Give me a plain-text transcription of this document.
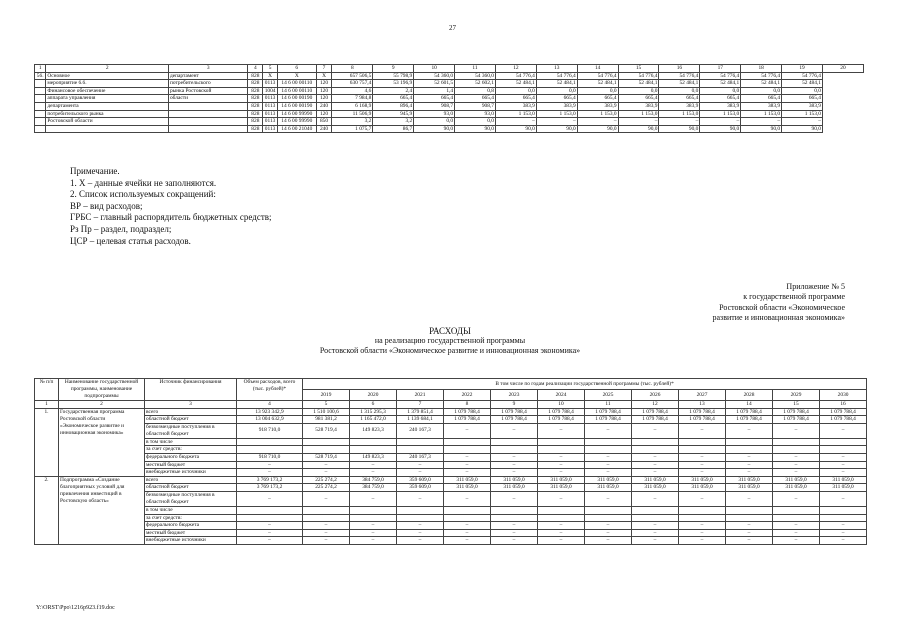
27
1	2	3	4	5	6	7	8	9	10	11	12	13	14	15	16	17	18	19	20
56.	Основное	департамент	828	Х	Х	Х	657 506,5	55 798,9	54 360,0	54 360,0	54 776,4	54 776,4	54 776,4	54 776,4	54 776,4	54 776,4	54 776,4	54 776,4	
	мероприятие 6.6.	потребительского	828	0113	14 6 00 00110	120	630 757,4	53 196,9	52 601,5	52 602,1	52 484,1	52 484,1	52 484,1	52 484,1	52 484,1	52 484,1	52 484,1	52 484,1	
	Финансовое обеспечение	рынка Ростовской	828	1004	14 6 00 00110	120	4,6	2,4	1,4	0,8	0,0	0,0	0,0	0,0	0,0	0,0	0,0	0,0	
	аппарата управления	области	828	0113	14 6 00 00190	120	7 984,8	665,4	665,4	665,4	665,4	665,4	665,4	665,4	665,4	665,4	665,4	665,4	
	департамента		828	0113	14 6 00 00190	240	6 168,9	896,4	908,7	908,7	383,9	383,9	383,9	383,9	383,9	383,9	383,9	383,9	
	потребительского рынка		828	0113	14 6 00 99990	120	11 506,9	945,9	93,0	93,0	1 153,0	1 153,0	1 153,0	1 153,0	1 153,0	1 153,0	1 153,0	1 153,0	
	Ростовской области		828	0113	14 6 00 99990	850	3,2	3,2	0,0	0,0	–	–	–	–	–	–	–	–	
			828	0113	14 6 00 21040	240	1 075,7	86,7	90,0	90,0	90,0	90,0	90,0	90,0	90,0	90,0	90,0	90,0	
Примечание.
1. Х – данные ячейки не заполняются.
2. Список используемых сокращений:
ВР – вид расходов;
ГРБС – главный распорядитель бюджетных средств;
Рз Пр – раздел, подраздел;
ЦСР – целевая статья расходов.
Приложение № 5
к государственной программе
Ростовской области «Экономическое
развитие и инновационная экономика»
РАСХОДЫ
на реализацию государственной программы
Ростовской области «Экономическое развитие и инновационная экономика»
№ п/п	Наименование государственной программы, наименование подпрограммы	Источник финансирования	Объем расходов, всего (тыс. рублей)*	В том числе по годам реализации государственной программы (тыс. рублей)*											
				2019	2020	2021	2022	2023	2024	2025	2026	2027	2028	2029	2030
1	2	3	4	5	6	7	8	9	10	11	12	13	14	15	16
1.	Государственная программа Ростовской области «Экономическое развитие и инновационная экономика»	всего	13 923 342,9	1 510 100,6	1 315 295,3	1 379 851,4	1 079 788,4	1 079 788,4	1 079 788,4	1 079 788,4	1 079 788,4	1 079 788,4	1 079 788,4	1 079 788,4	1 079 788,4
		областной бюджет	13 004 632,9	981 381,2	1 165 472,0	1 139 684,1	1 079 788,4	1 079 788,4	1 079 788,4	1 079 788,4	1 079 788,4	1 079 788,4	1 079 788,4	1 079 788,4	1 079 788,4
		безвозмездные поступления в областной бюджет	918 710,0	528 719,4	149 823,3	240 167,3	–	–	–	–	–	–	–	–	–
		в том числе													
		за счет средств:													
		федерального бюджета	918 710,0	528 719,4	149 823,3	240 167,3	–	–	–	–	–	–	–	–	–
		местный бюджет	–	–	–	–	–	–	–	–	–	–	–	–	–
		внебюджетные источники	–	–	–	–	–	–	–	–	–	–	–	–	–
2.	Подпрограмма «Создание благоприятных условий для привлечения инвестиций в Ростовскую область»	всего	3 769 173,2	225 274,2	384 759,0	359 609,0	311 059,0	311 059,0	311 059,0	311 059,0	311 059,0	311 059,0	311 059,0	311 059,0	311 059,0
		областной бюджет	3 769 173,2	225 274,2	384 759,0	359 609,0	311 059,0	311 059,0	311 059,0	311 059,0	311 059,0	311 059,0	311 059,0	311 059,0	311 059,0
		безвозмездные поступления в областной бюджет	–	–	–	–	–	–	–	–	–	–	–	–	–
		в том числе													
		за счет средств:													
		федерального бюджета	–	–	–	–	–	–	–	–	–	–	–	–	–
		местный бюджет	–	–	–	–	–	–	–	–	–	–	–	–	–
		внебюджетные источники	–	–	–	–	–	–	–	–	–	–	–	–	–
Y:\ORST\Ppo\1216p923.f19.doc
